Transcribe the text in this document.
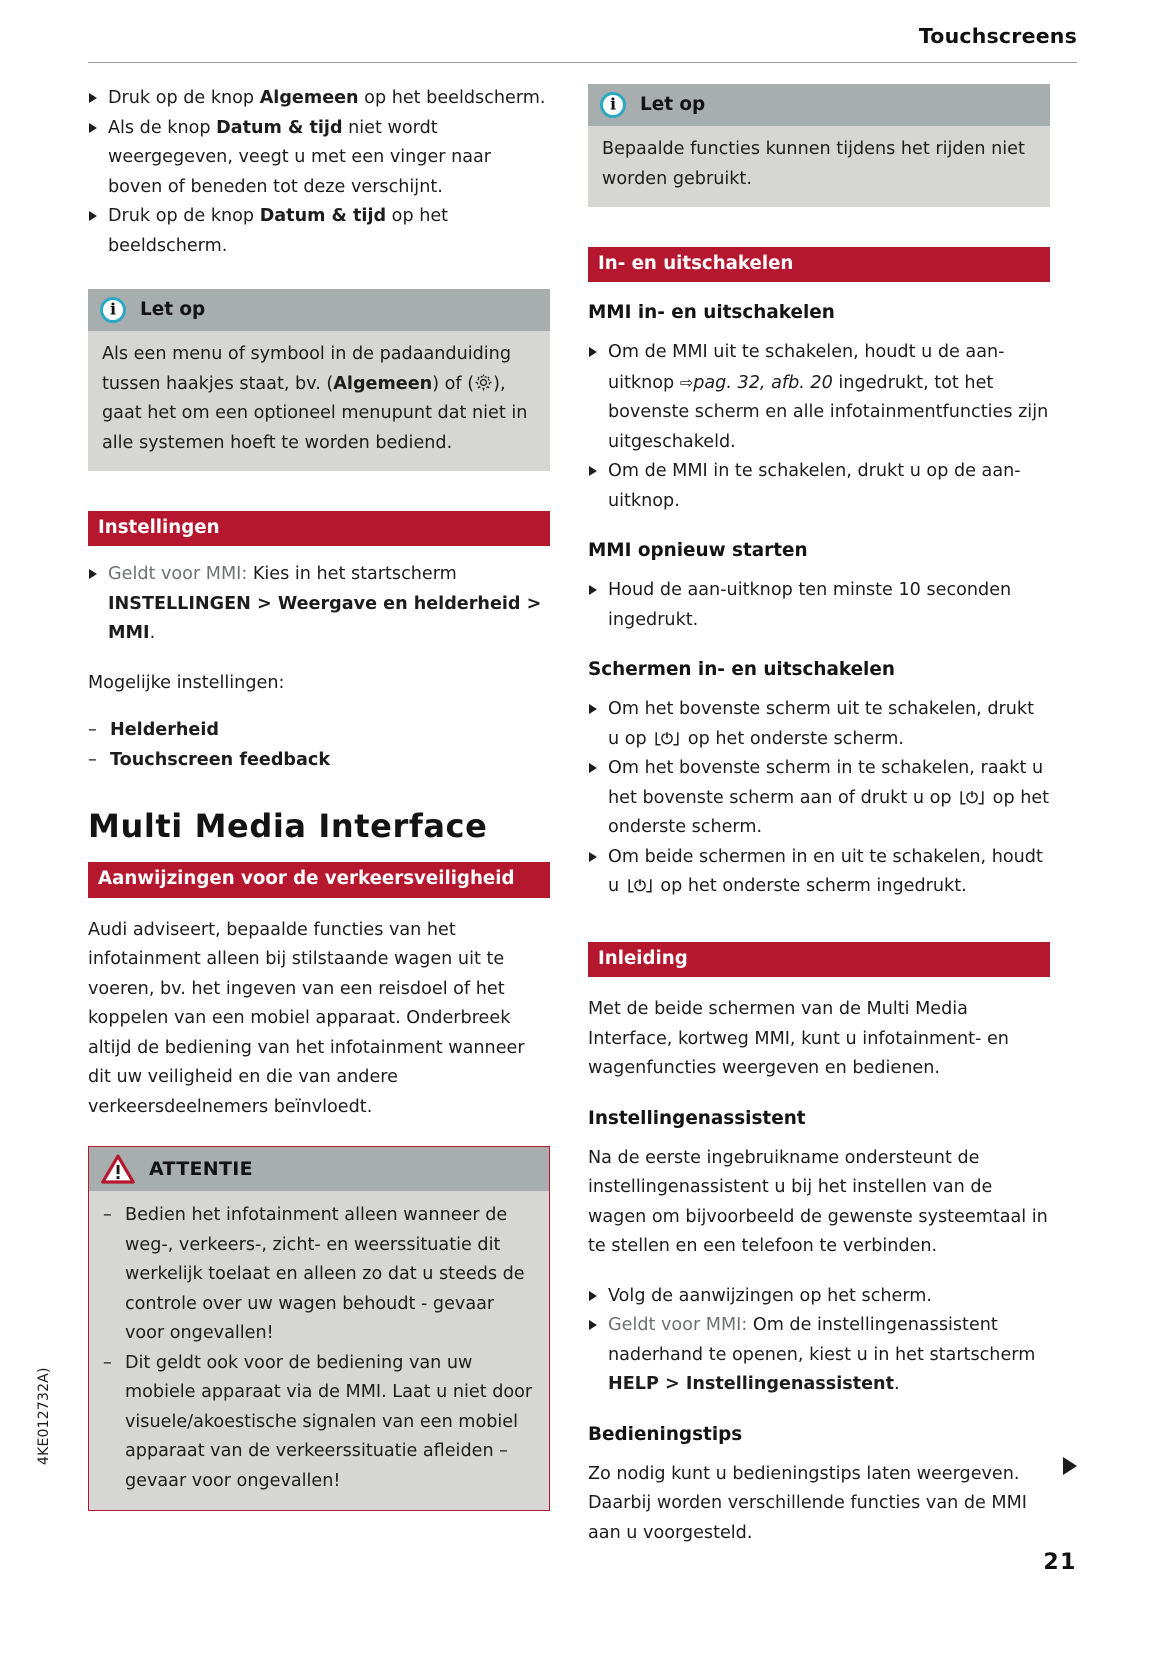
Touchscreens
Druk op de knop Algemeen op het beeldscherm.
Als de knop Datum & tijd niet wordt weergegeven, veegt u met een vinger naar boven of beneden tot deze verschijnt.
Druk op de knop Datum & tijd op het beeldscherm.
i Let op

Als een menu of symbool in de padaanduiding tussen haakjes staat, bv. (Algemeen) of ( ), gaat het om een optioneel menupunt dat niet in alle systemen hoeft te worden bediend.

Instellingen
Geldt voor MMI: Kies in het startscherm INSTELLINGEN > Weergave en helderheid > MMI.

Mogelijke instellingen:

– Helderheid
– Touchscreen feedback
Multi Media Interface
Aanwijzingen voor de verkeersveiligheid

Audi adviseert, bepaalde functies van het infotainment alleen bij stilstaande wagen uit te voeren, bv. het ingeven van een reisdoel of het koppelen van een mobiel apparaat. Onderbreek altijd de bediening van het infotainment wanneer dit uw veiligheid en die van andere verkeersdeelnemers beïnvloedt.

ATTENTIE
– Bedien het infotainment alleen wanneer de weg-, verkeers-, zicht- en weerssituatie dit werkelijk toelaat en alleen zo dat u steeds de controle over uw wagen behoudt - gevaar voor ongevallen!
– Dit geldt ook voor de bediening van uw mobiele apparaat via de MMI. Laat u niet door visuele/akoestische signalen van een mobiel apparaat van de verkeerssituatie afleiden – gevaar voor ongevallen!
i Let op

Bepaalde functies kunnen tijdens het rijden niet worden gebruikt.

In- en uitschakelen
MMI in- en uitschakelen
Om de MMI uit te schakelen, houdt u de aan-uitknop ⇨pag. 32, afb. 20 ingedrukt, tot het bovenste scherm en alle infotainmentfuncties zijn uitgeschakeld.
Om de MMI in te schakelen, drukt u op de aan-uitknop.
MMI opnieuw starten
Houd de aan-uitknop ten minste 10 seconden ingedrukt.
Schermen in- en uitschakelen
Om het bovenste scherm uit te schakelen, drukt u op
op het onderste scherm.
Om het bovenste scherm in te schakelen, raakt u het bovenste scherm aan of drukt u op
op het onderste scherm.
Om beide schermen in en uit te schakelen, houdt u
op het onderste scherm ingedrukt.
Inleiding

Met de beide schermen van de Multi Media Interface, kortweg MMI, kunt u infotainment- en wagenfuncties weergeven en bedienen.

Instellingenassistent

Na de eerste ingebruikname ondersteunt de instellingenassistent u bij het instellen van de wagen om bijvoorbeeld de gewenste systeemtaal in te stellen en een telefoon te verbinden.

Volg de aanwijzingen op het scherm.
Geldt voor MMI: Om de instellingenassistent naderhand te openen, kiest u in het startscherm HELP > Instellingenassistent.
Bedieningstips

Zo nodig kunt u bedieningstips laten weergeven. Daarbij worden verschillende functies van de MMI aan u voorgesteld.

4KE012732A)
21
